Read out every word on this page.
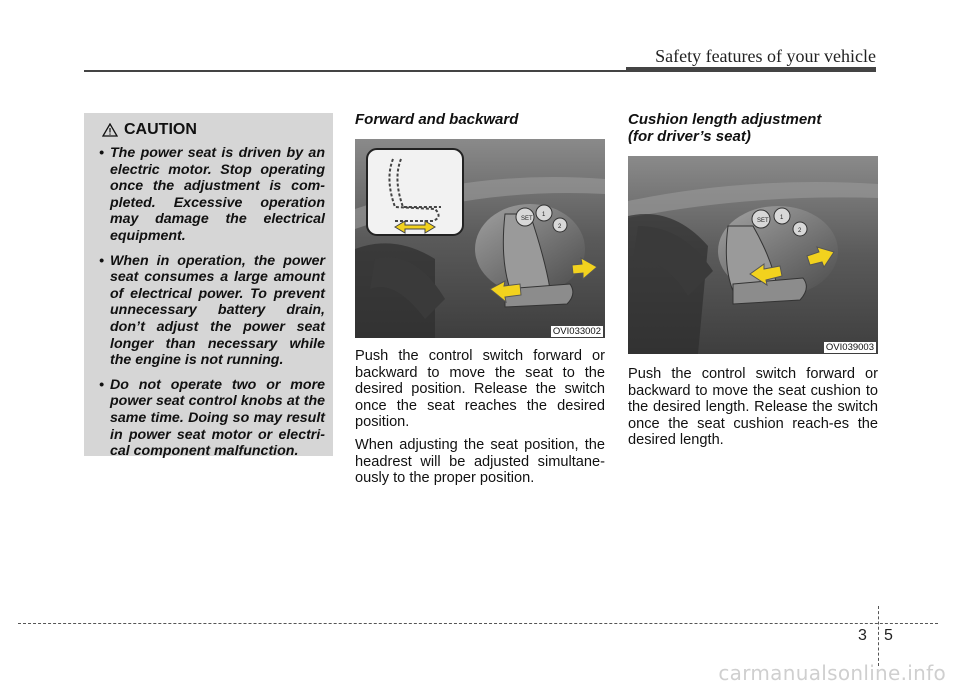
Safety features of your vehicle
CAUTION
• The power seat is driven by an electric motor. Stop operating once the adjustment is com-pleted. Excessive operation may damage the electrical equipment.
• When in operation, the power seat consumes a large amount of electrical power. To prevent unnecessary battery drain, don’t adjust the power seat longer than necessary while the engine is not running.
• Do not operate two or more power seat control knobs at the same time. Doing so may result in power seat motor or electri-cal component malfunction.
Forward and backward
SET
1
2
OVI033002

Push the control switch forward or backward to move the seat to the desired position. Release the switch once the seat reaches the desired position.

When adjusting the seat position, the headrest will be adjusted simultane-ously to the proper position.

Cushion length adjustment
(for driver’s seat)
SET 1
2
OVI039003

Push the control switch forward or backward to move the seat cushion to the desired length. Release the switch once the seat cushion reach-es the desired length.

3 5
carmanualsonline.info
